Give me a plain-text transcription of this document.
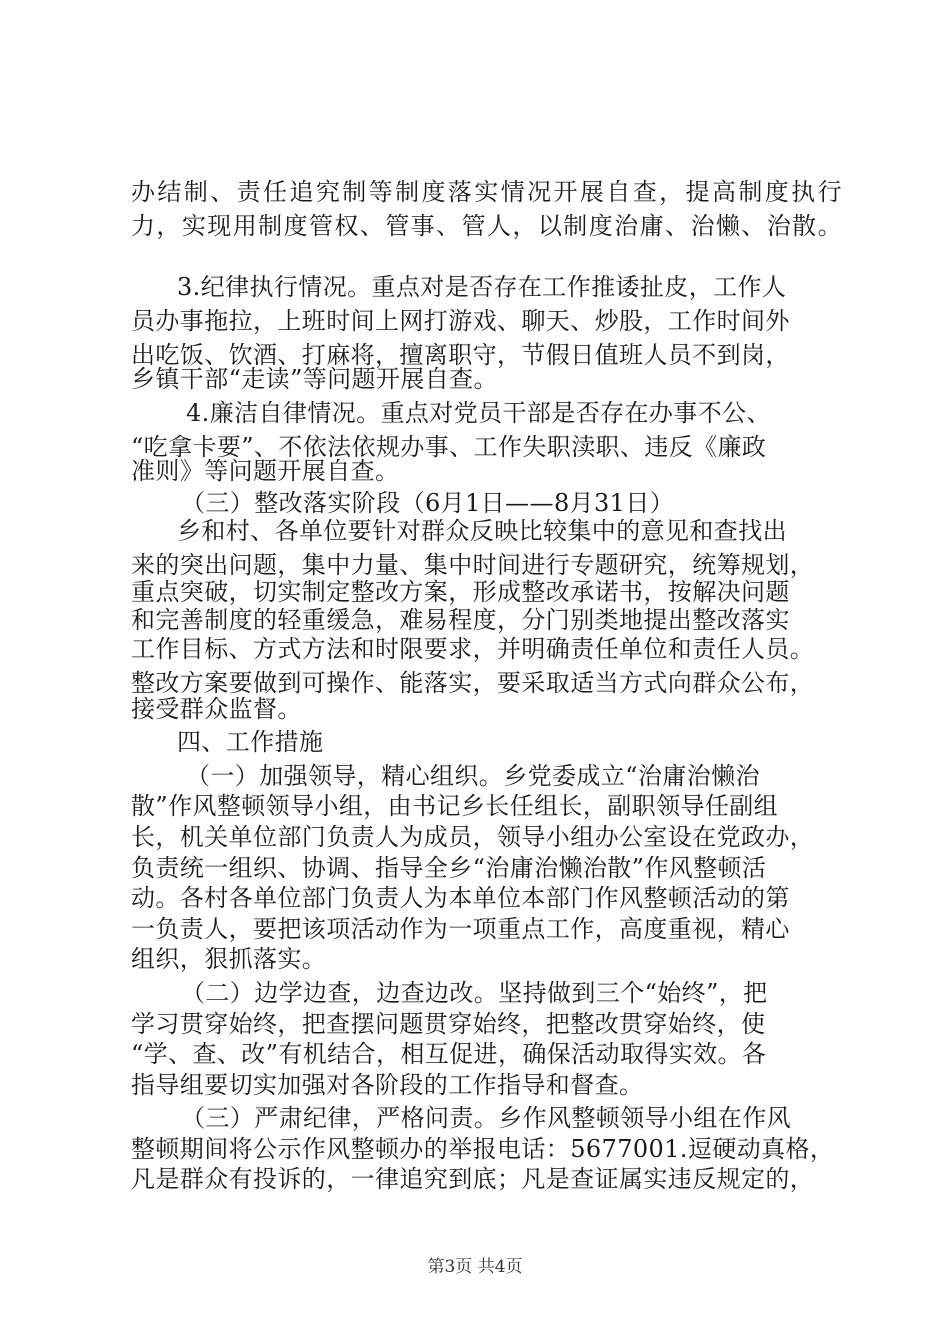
办结制、责任追究制等制度落实情况开展自查，提高制度执行
力，实现用制度管权、管事、管人，以制度治庸、治懒、治散。
3.纪律执行情况。重点对是否存在工作推诿扯皮，工作人
员办事拖拉，上班时间上网打游戏、聊天、炒股，工作时间外
出吃饭、饮酒、打麻将，擅离职守，节假日值班人员不到岗，
乡镇干部“走读”等问题开展自查。
4.廉洁自律情况。重点对党员干部是否存在办事不公、
“吃拿卡要”、不依法依规办事、工作失职渎职、违反《廉政
准则》等问题开展自查。
（三）整改落实阶段（6月1日——8月31日）
乡和村、各单位要针对群众反映比较集中的意见和查找出
来的突出问题，集中力量、集中时间进行专题研究，统筹规划，
重点突破，切实制定整改方案，形成整改承诺书，按解决问题
和完善制度的轻重缓急，难易程度，分门别类地提出整改落实
工作目标、方式方法和时限要求，并明确责任单位和责任人员。
整改方案要做到可操作、能落实，要采取适当方式向群众公布，
接受群众监督。
四、工作措施
（一）加强领导，精心组织。乡党委成立“治庸治懒治
散”作风整顿领导小组，由书记乡长任组长，副职领导任副组
长，机关单位部门负责人为成员，领导小组办公室设在党政办，
负责统一组织、协调、指导全乡“治庸治懒治散”作风整顿活
动。各村各单位部门负责人为本单位本部门作风整顿活动的第
一负责人，要把该项活动作为一项重点工作，高度重视，精心
组织，狠抓落实。
（二）边学边查，边查边改。坚持做到三个“始终”，把
学习贯穿始终，把查摆问题贯穿始终，把整改贯穿始终，使
“学、查、改”有机结合，相互促进，确保活动取得实效。各
指导组要切实加强对各阶段的工作指导和督查。
（三）严肃纪律，严格问责。乡作风整顿领导小组在作风
整顿期间将公示作风整顿办的举报电话：5677001.逗硬动真格，
凡是群众有投诉的，一律追究到底；凡是查证属实违反规定的，
第3页 共4页
